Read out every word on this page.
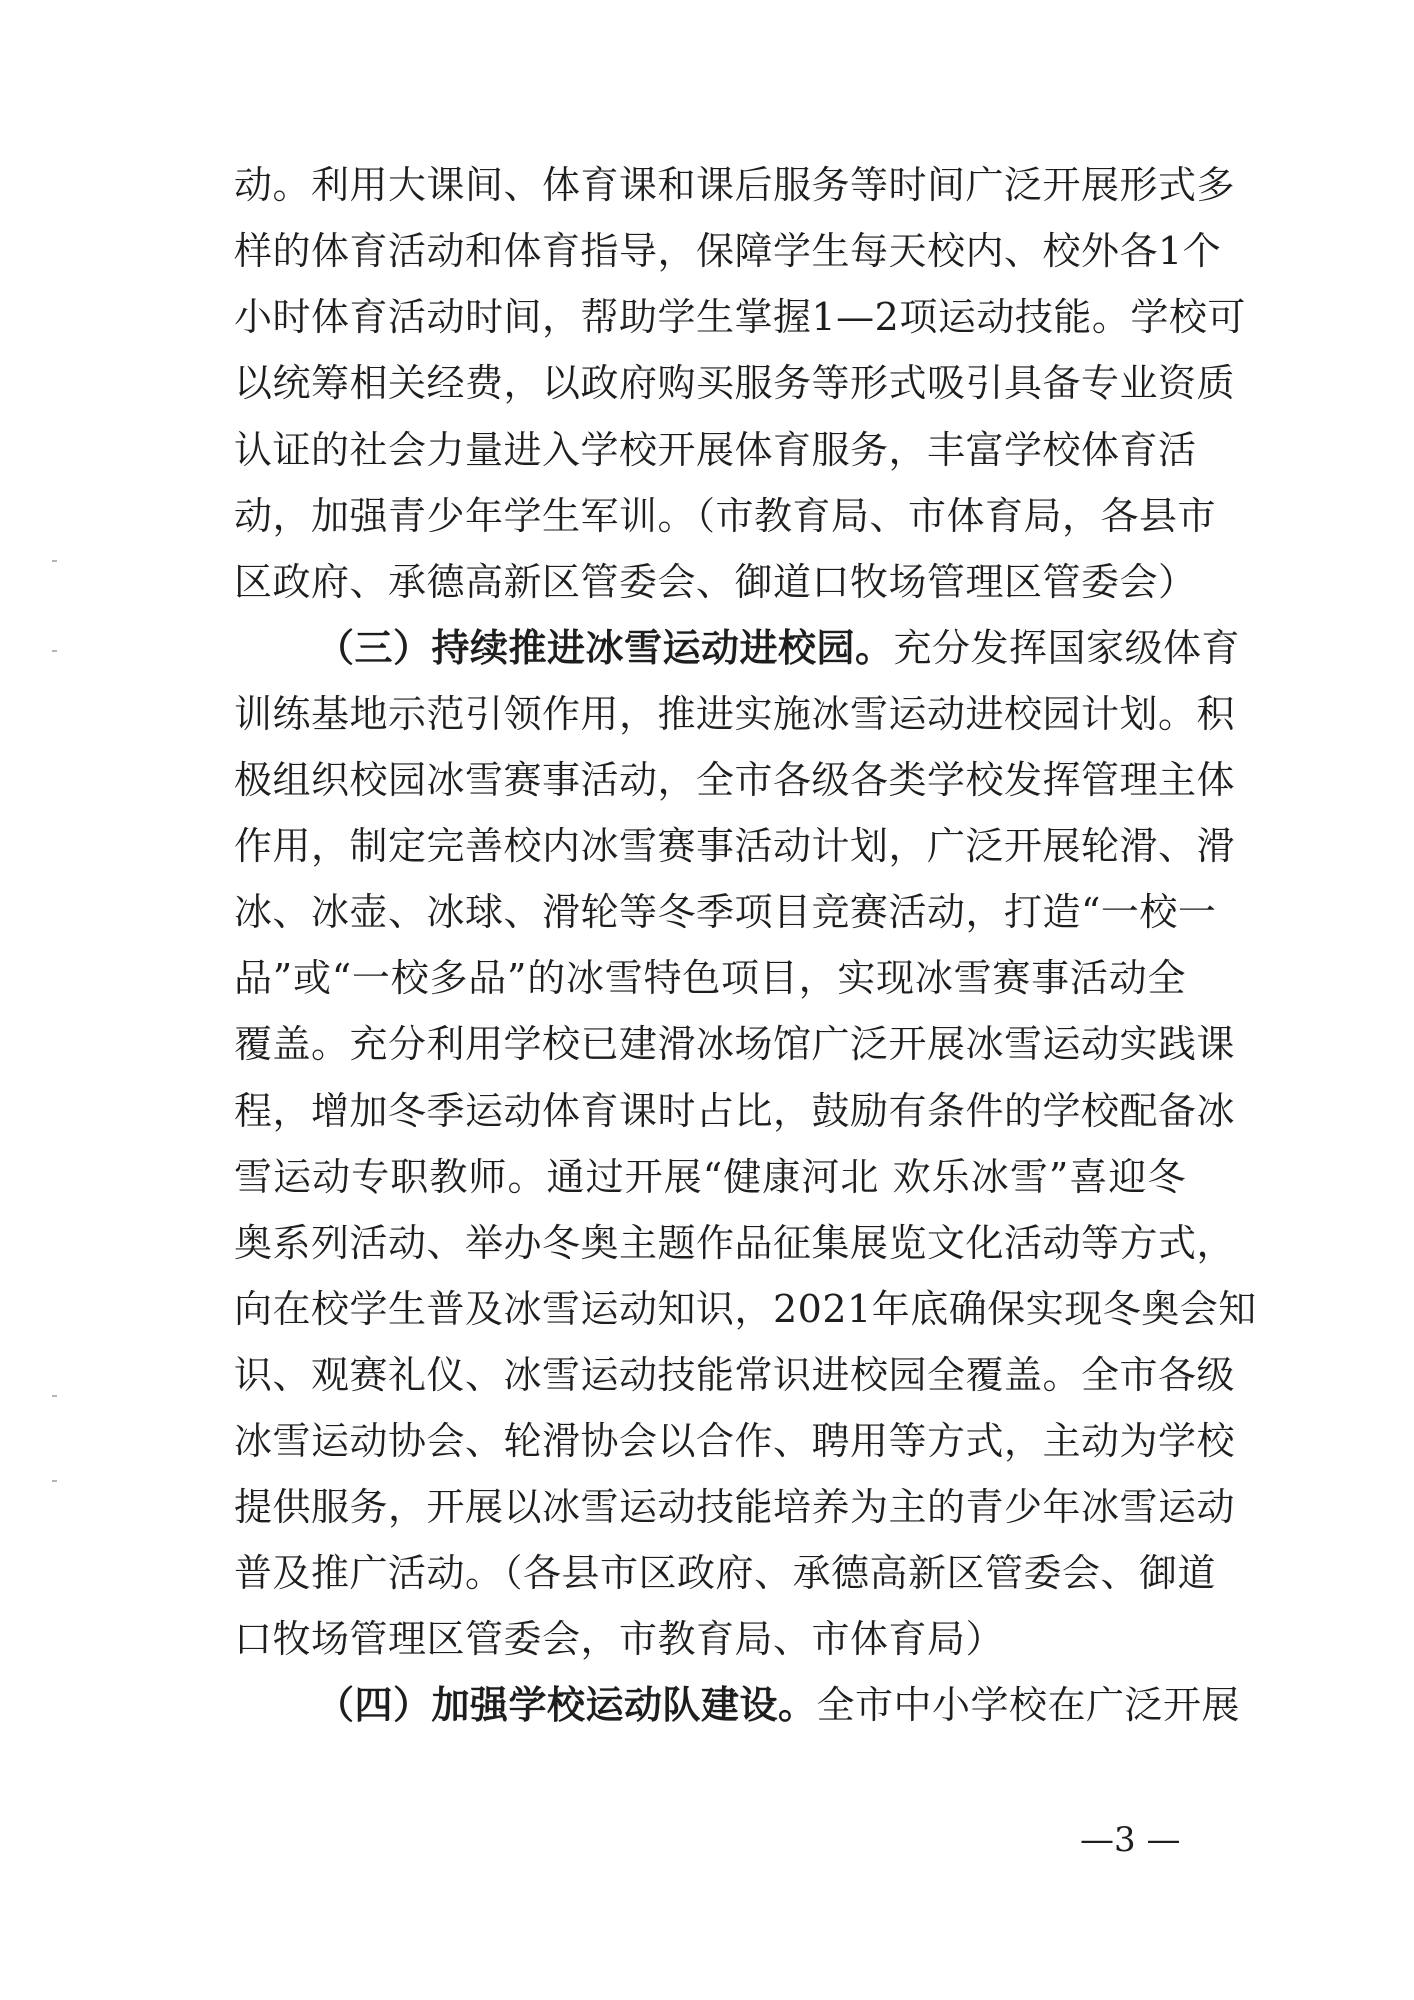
动。利用大课间、体育课和课后服务等时间广泛开展形式多
样的体育活动和体育指导，保障学生每天校内、校外各1个
小时体育活动时间，帮助学生掌握1—2项运动技能。学校可
以统筹相关经费，以政府购买服务等形式吸引具备专业资质
认证的社会力量进入学校开展体育服务，丰富学校体育活
动，加强青少年学生军训。（市教育局、市体育局，各县市
区政府、承德高新区管委会、御道口牧场管理区管委会）
（三）持续推进冰雪运动进校园。充分发挥国家级体育
训练基地示范引领作用，推进实施冰雪运动进校园计划。积
极组织校园冰雪赛事活动，全市各级各类学校发挥管理主体
作用，制定完善校内冰雪赛事活动计划，广泛开展轮滑、滑
冰、冰壶、冰球、滑轮等冬季项目竞赛活动，打造“一校一
品”或“一校多品”的冰雪特色项目，实现冰雪赛事活动全
覆盖。充分利用学校已建滑冰场馆广泛开展冰雪运动实践课
程，增加冬季运动体育课时占比，鼓励有条件的学校配备冰
雪运动专职教师。通过开展“健康河北 欢乐冰雪”喜迎冬
奥系列活动、举办冬奥主题作品征集展览文化活动等方式，
向在校学生普及冰雪运动知识，2021年底确保实现冬奥会知
识、观赛礼仪、冰雪运动技能常识进校园全覆盖。全市各级
冰雪运动协会、轮滑协会以合作、聘用等方式，主动为学校
提供服务，开展以冰雪运动技能培养为主的青少年冰雪运动
普及推广活动。（各县市区政府、承德高新区管委会、御道
口牧场管理区管委会，市教育局、市体育局）
（四）加强学校运动队建设。全市中小学校在广泛开展
—3 —
